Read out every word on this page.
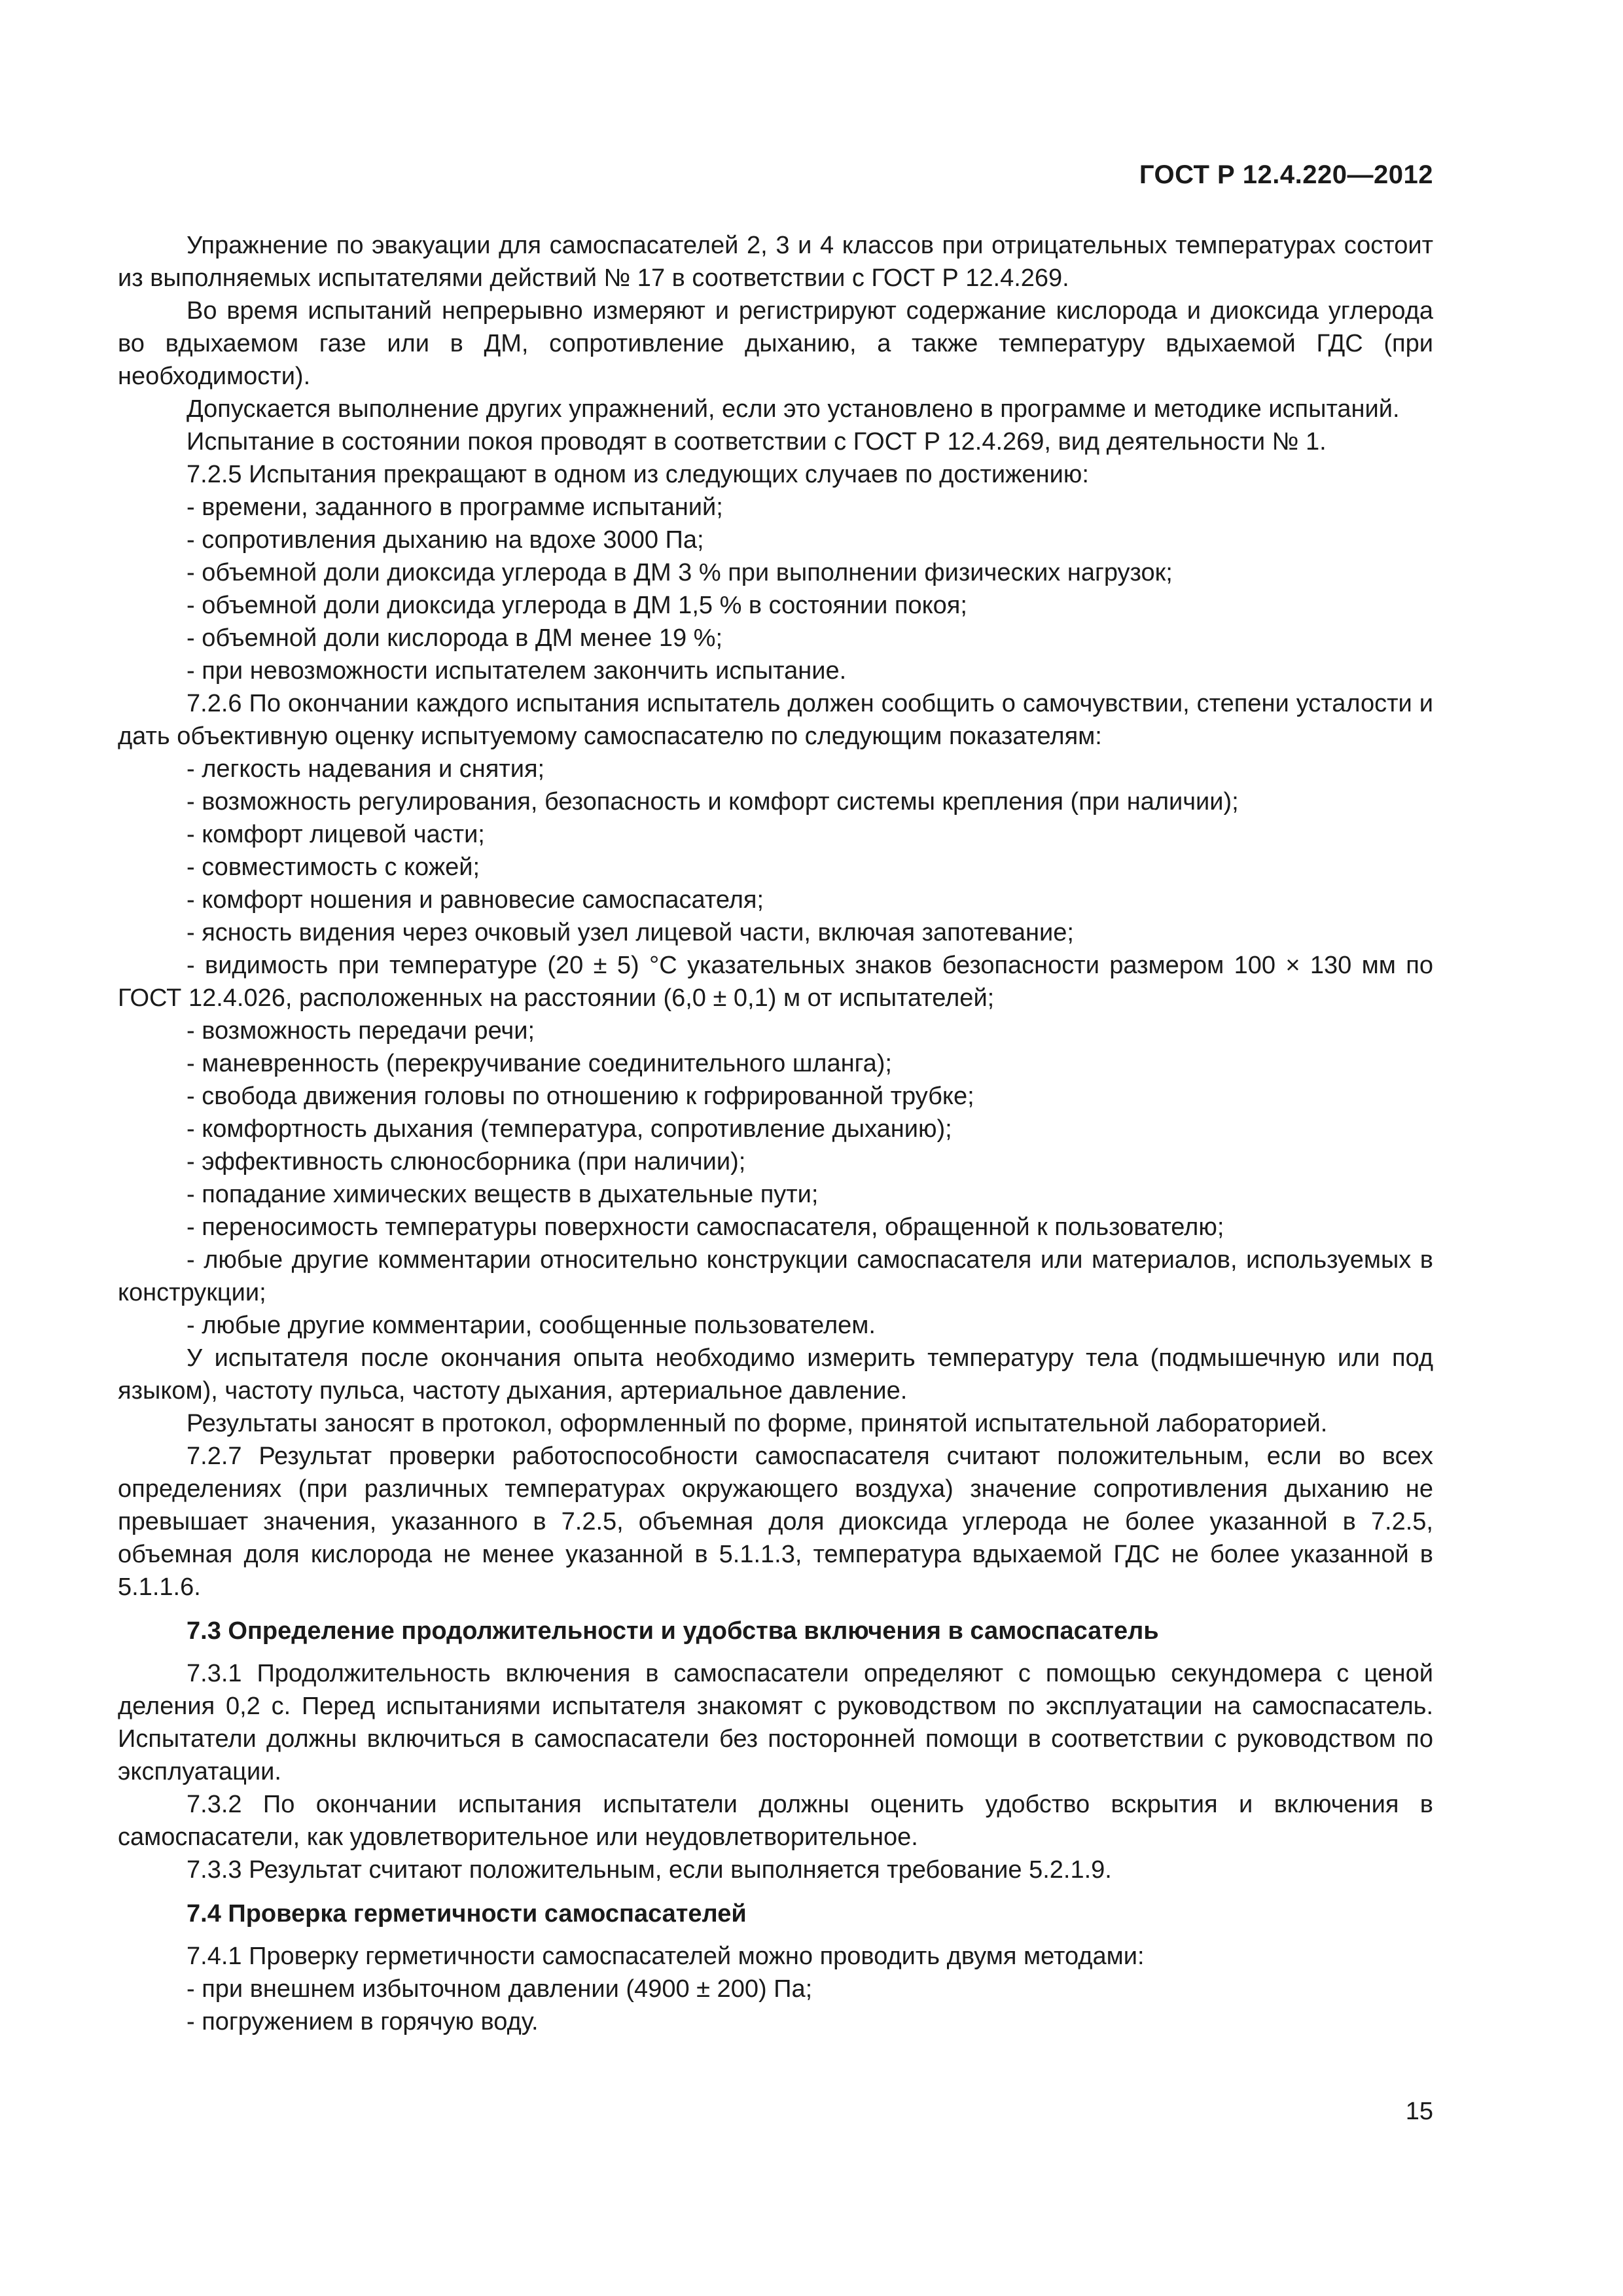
ГОСТ Р 12.4.220—2012

Упражнение по эвакуации для самоспасателей 2, 3 и 4 классов при отрицательных температурах состоит из выполняемых испытателями действий № 17 в соответствии с ГОСТ Р 12.4.269.

Во время испытаний непрерывно измеряют и регистрируют содержание кислорода и диоксида углерода во вдыхаемом газе или в ДМ, сопротивление дыханию, а также температуру вдыхаемой ГДС (при необходимости).

Допускается выполнение других упражнений, если это установлено в программе и методике испытаний.

Испытание в состоянии покоя проводят в соответствии с ГОСТ Р 12.4.269, вид деятельности № 1.

7.2.5 Испытания прекращают в одном из следующих случаев по достижению:

- времени, заданного в программе испытаний;

- сопротивления дыханию на вдохе 3000 Па;

- объемной доли диоксида углерода в ДМ 3 % при выполнении физических нагрузок;

- объемной доли диоксида углерода в ДМ 1,5 % в состоянии покоя;

- объемной доли кислорода в ДМ менее 19 %;

- при невозможности испытателем закончить испытание.

7.2.6 По окончании каждого испытания испытатель должен сообщить о самочувствии, степени усталости и дать объективную оценку испытуемому самоспасателю по следующим показателям:

- легкость надевания и снятия;

- возможность регулирования, безопасность и комфорт системы крепления (при наличии);

- комфорт лицевой части;

- совместимость с кожей;

- комфорт ношения и равновесие самоспасателя;

- ясность видения через очковый узел лицевой части, включая запотевание;

- видимость при температуре (20 ± 5) °С указательных знаков безопасности размером 100 × 130 мм по ГОСТ 12.4.026, расположенных на расстоянии (6,0 ± 0,1) м от испытателей;

- возможность передачи речи;

- маневренность (перекручивание соединительного шланга);

- свобода движения головы по отношению к гофрированной трубке;

- комфортность дыхания (температура, сопротивление дыханию);

- эффективность слюносборника (при наличии);

- попадание химических веществ в дыхательные пути;

- переносимость температуры поверхности самоспасателя, обращенной к пользователю;

- любые другие комментарии относительно конструкции самоспасателя или материалов, используемых в конструкции;

- любые другие комментарии, сообщенные пользователем.

У испытателя после окончания опыта необходимо измерить температуру тела (подмышечную или под языком), частоту пульса, частоту дыхания, артериальное давление.

Результаты заносят в протокол, оформленный по форме, принятой испытательной лабораторией.

7.2.7 Результат проверки работоспособности самоспасателя считают положительным, если во всех определениях (при различных температурах окружающего воздуха) значение сопротивления дыханию не превышает значения, указанного в 7.2.5, объемная доля диоксида углерода не более указанной в 7.2.5, объемная доля кислорода не менее указанной в 5.1.1.3, температура вдыхаемой ГДС не более указанной в 5.1.1.6.

7.3 Определение продолжительности и удобства включения в самоспасатель

7.3.1 Продолжительность включения в самоспасатели определяют с помощью секундомера с ценой деления 0,2 с. Перед испытаниями испытателя знакомят с руководством по эксплуатации на самоспасатель. Испытатели должны включиться в самоспасатели без посторонней помощи в соответствии с руководством по эксплуатации.

7.3.2 По окончании испытания испытатели должны оценить удобство вскрытия и включения в самоспасатели, как удовлетворительное или неудовлетворительное.

7.3.3 Результат считают положительным, если выполняется требование 5.2.1.9.

7.4 Проверка герметичности самоспасателей

7.4.1 Проверку герметичности самоспасателей можно проводить двумя методами:

- при внешнем избыточном давлении (4900 ± 200) Па;

- погружением в горячую воду.

15
